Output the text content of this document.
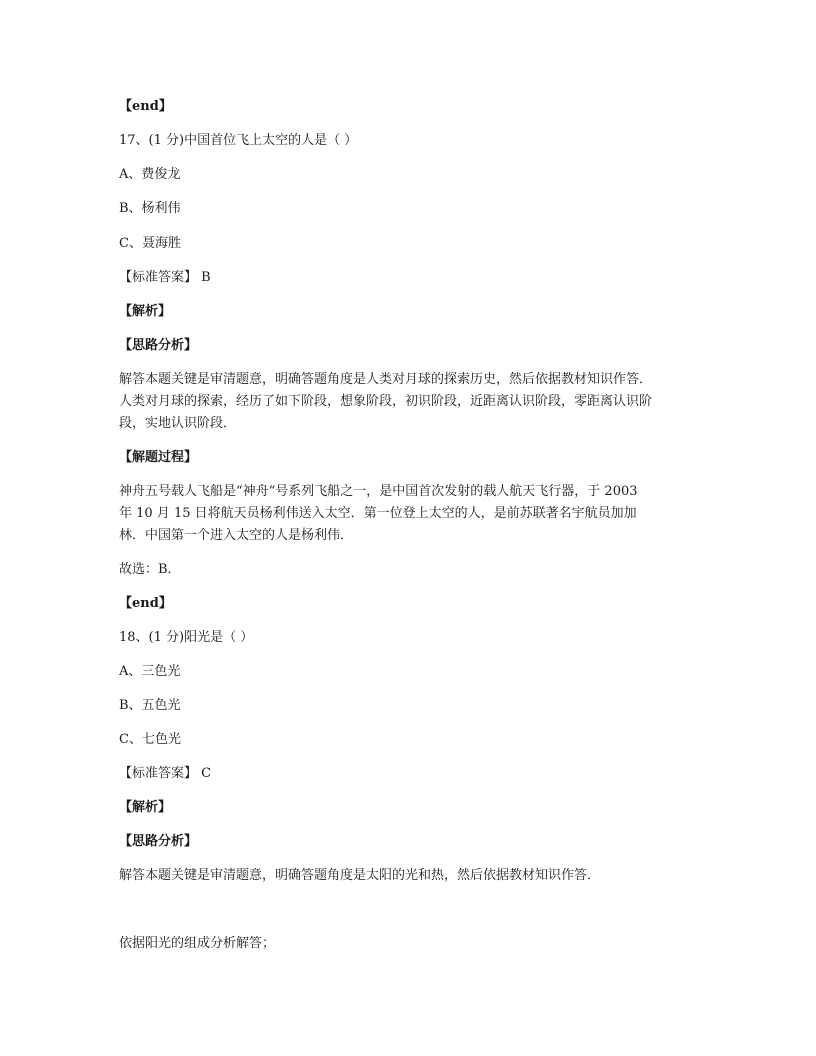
【end】
17、(1 分)中国首位飞上太空的人是（ ）
A、费俊龙
B、杨利伟
C、聂海胜
【标准答案】 B
【解析】
【思路分析】
解答本题关键是审清题意，明确答题角度是人类对月球的探索历史，然后依据教材知识作答．
人类对月球的探索，经历了如下阶段，想象阶段，初识阶段，近距离认识阶段，零距离认识阶
段，实地认识阶段．
【解题过程】
神舟五号载人飞船是“神舟“号系列飞船之一，是中国首次发射的载人航天飞行器，于 2003
年 10 月 15 日将航天员杨利伟送入太空．第一位登上太空的人，是前苏联著名宇航员加加
林．中国第一个进入太空的人是杨利伟．
故选：B．
【end】
18、(1 分)阳光是（ ）
A、三色光
B、五色光
C、七色光
【标准答案】 C
【解析】
【思路分析】
解答本题关键是审清题意，明确答题角度是太阳的光和热，然后依据教材知识作答．
依据阳光的组成分析解答；
